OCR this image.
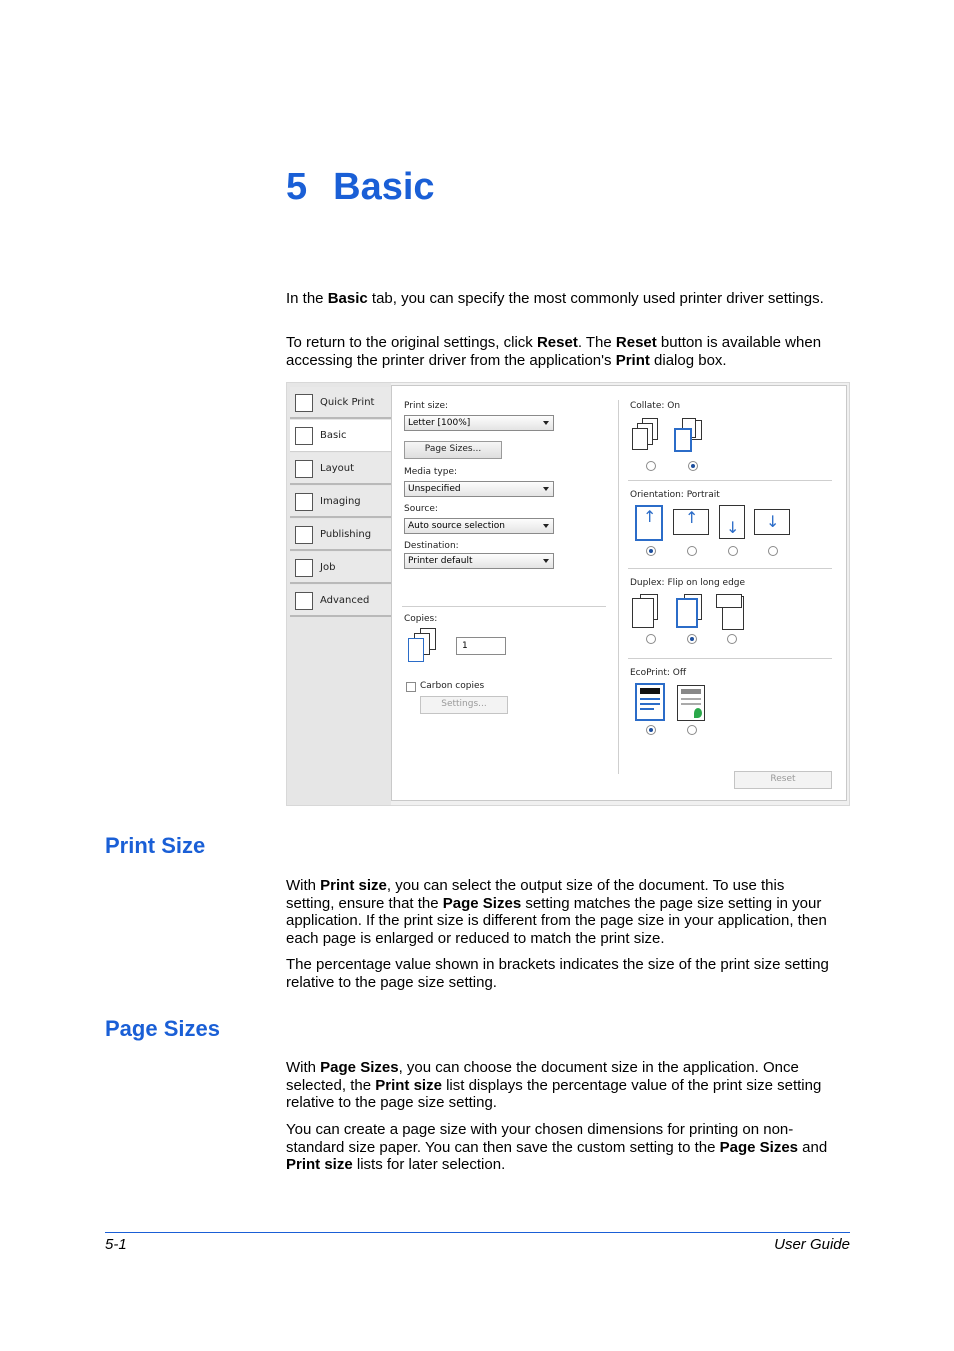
5 Basic
In the Basic tab, you can specify the most commonly used printer driver settings.
To return to the original settings, click Reset. The Reset button is available when accessing the printer driver from the application's Print dialog box.
Quick Print
Basic
Layout
Imaging
Publishing
Job
Advanced
Print size:
Letter [100%]
Page Sizes...
Media type:
Unspecified
Source:
Auto source selection
Destination:
Printer default
Copies:
1
Carbon copies
Settings...
Collate: On
Orientation: Portrait
↑ ↑
↓ ↓
Duplex: Flip on long edge
EcoPrint: Off
Reset
Print Size
With Print size, you can select the output size of the document. To use this setting, ensure that the Page Sizes setting matches the page size setting in your application. If the print size is different from the page size in your application, then each page is enlarged or reduced to match the print size.
The percentage value shown in brackets indicates the size of the print size setting relative to the page size setting.
Page Sizes
With Page Sizes, you can choose the document size in the application. Once selected, the Print size list displays the percentage value of the print size setting relative to the page size setting.
You can create a page size with your chosen dimensions for printing on non-standard size paper. You can then save the custom setting to the Page Sizes and Print size lists for later selection.
5-1	User Guide
